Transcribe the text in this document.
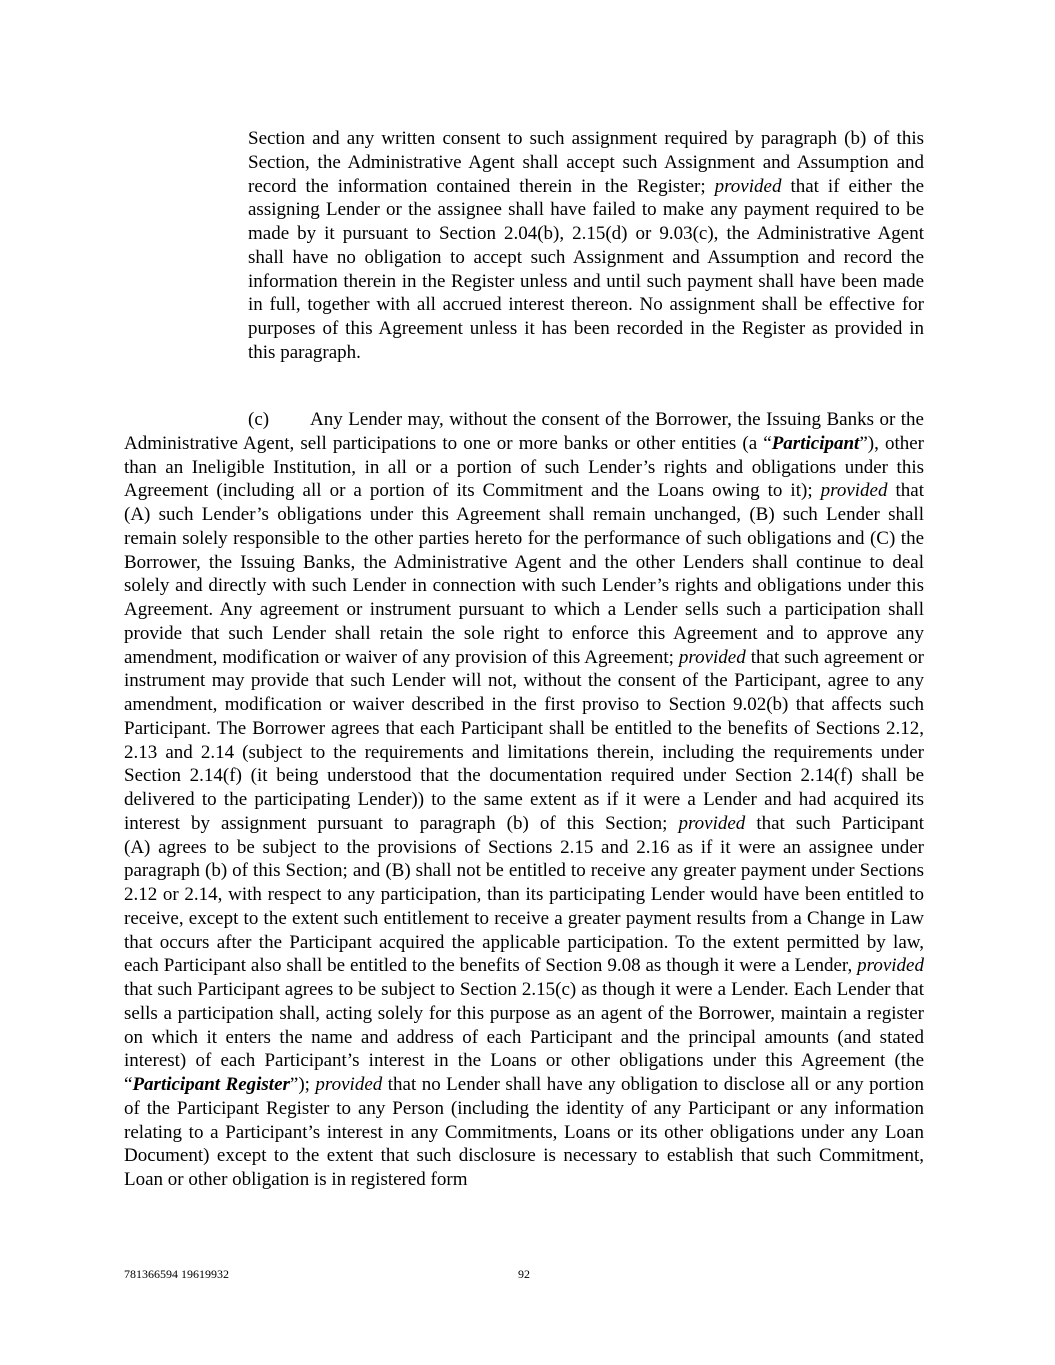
Section and any written consent to such assignment required by paragraph (b) of this Section, the Administrative Agent shall accept such Assignment and Assumption and record the information contained therein in the Register; provided that if either the assigning Lender or the assignee shall have failed to make any payment required to be made by it pursuant to Section 2.04(b), 2.15(d) or 9.03(c), the Administrative Agent shall have no obligation to accept such Assignment and Assumption and record the information therein in the Register unless and until such payment shall have been made in full, together with all accrued interest thereon. No assignment shall be effective for purposes of this Agreement unless it has been recorded in the Register as provided in this paragraph.

(c) Any Lender may, without the consent of the Borrower, the Issuing Banks or the Administrative Agent, sell participations to one or more banks or other entities (a “Participant”), other than an Ineligible Institution, in all or a portion of such Lender’s rights and obligations under this Agreement (including all or a portion of its Commitment and the Loans owing to it); provided that (A) such Lender’s obligations under this Agreement shall remain unchanged, (B) such Lender shall remain solely responsible to the other parties hereto for the performance of such obligations and (C) the Borrower, the Issuing Banks, the Administrative Agent and the other Lenders shall continue to deal solely and directly with such Lender in connection with such Lender’s rights and obligations under this Agreement. Any agreement or instrument pursuant to which a Lender sells such a participation shall provide that such Lender shall retain the sole right to enforce this Agreement and to approve any amendment, modification or waiver of any provision of this Agreement; provided that such agreement or instrument may provide that such Lender will not, without the consent of the Participant, agree to any amendment, modification or waiver described in the first proviso to Section 9.02(b) that affects such Participant. The Borrower agrees that each Participant shall be entitled to the benefits of Sections 2.12, 2.13 and 2.14 (subject to the requirements and limitations therein, including the requirements under Section 2.14(f) (it being understood that the documentation required under Section 2.14(f) shall be delivered to the participating Lender)) to the same extent as if it were a Lender and had acquired its interest by assignment pursuant to paragraph (b) of this Section; provided that such Participant (A) agrees to be subject to the provisions of Sections 2.15 and 2.16 as if it were an assignee under paragraph (b) of this Section; and (B) shall not be entitled to receive any greater payment under Sections 2.12 or 2.14, with respect to any participation, than its participating Lender would have been entitled to receive, except to the extent such entitlement to receive a greater payment results from a Change in Law that occurs after the Participant acquired the applicable participation. To the extent permitted by law, each Participant also shall be entitled to the benefits of Section 9.08 as though it were a Lender, provided that such Participant agrees to be subject to Section 2.15(c) as though it were a Lender. Each Lender that sells a participation shall, acting solely for this purpose as an agent of the Borrower, maintain a register on which it enters the name and address of each Participant and the principal amounts (and stated interest) of each Participant’s interest in the Loans or other obligations under this Agreement (the “Participant Register”); provided that no Lender shall have any obligation to disclose all or any portion of the Participant Register to any Person (including the identity of any Participant or any information relating to a Participant’s interest in any Commitments, Loans or its other obligations under any Loan Document) except to the extent that such disclosure is necessary to establish that such Commitment, Loan or other obligation is in registered form

781366594 19619932	92
